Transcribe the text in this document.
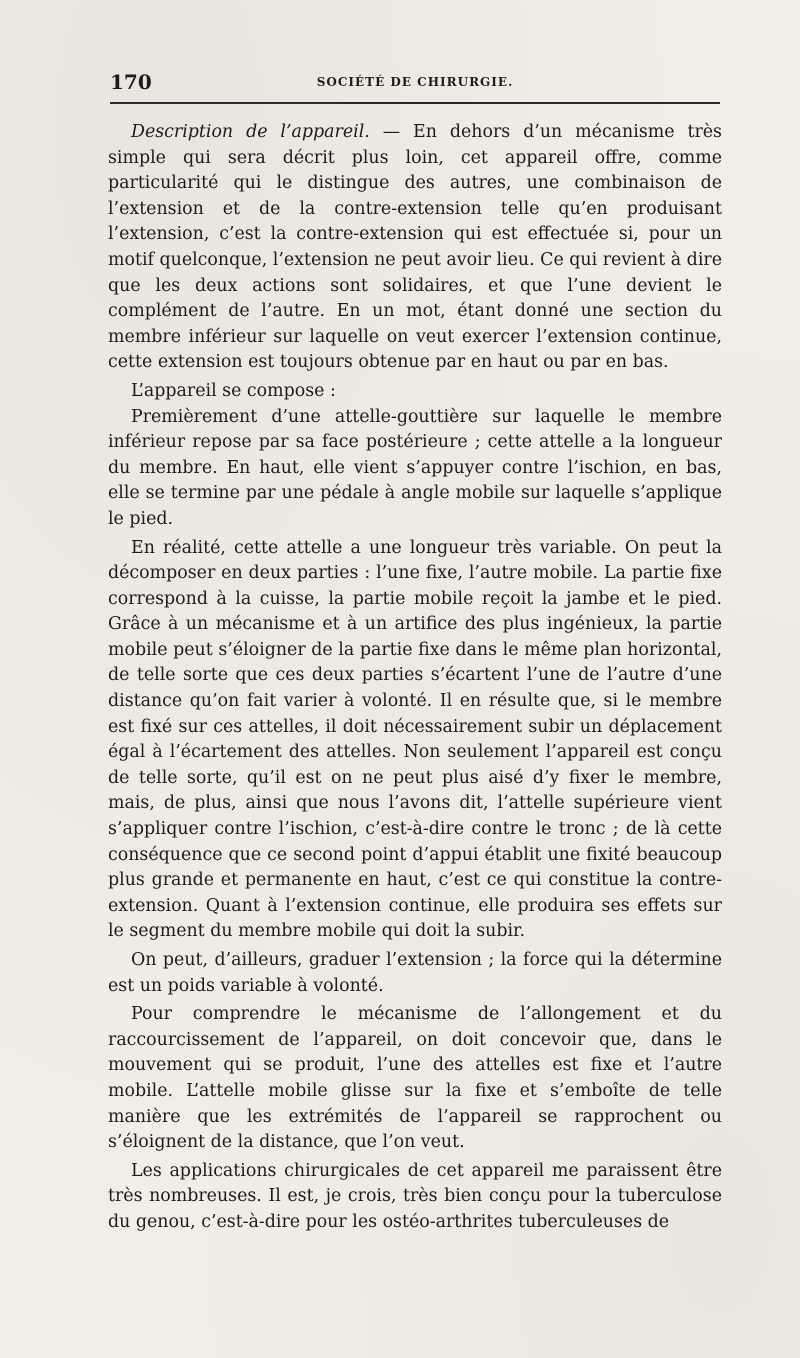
170	SOCIÉTÉ DE CHIRURGIE.

Description de l’appareil. — En dehors d’un mécanisme très simple qui sera décrit plus loin, cet appareil offre, comme particularité qui le distingue des autres, une combinaison de l’extension et de la contre-extension telle qu’en produisant l’extension, c’est la contre-extension qui est effectuée si, pour un motif quelconque, l’extension ne peut avoir lieu. Ce qui revient à dire que les deux actions sont solidaires, et que l’une devient le complément de l’autre. En un mot, étant donné une section du membre inférieur sur laquelle on veut exercer l’extension continue, cette extension est toujours obtenue par en haut ou par en bas.

L’appareil se compose :

Premièrement d’une attelle-gouttière sur laquelle le membre inférieur repose par sa face postérieure ; cette attelle a la longueur du membre. En haut, elle vient s’appuyer contre l’ischion, en bas, elle se termine par une pédale à angle mobile sur laquelle s’applique le pied.

En réalité, cette attelle a une longueur très variable. On peut la décomposer en deux parties : l’une fixe, l’autre mobile. La partie fixe correspond à la cuisse, la partie mobile reçoit la jambe et le pied. Grâce à un mécanisme et à un artifice des plus ingénieux, la partie mobile peut s’éloigner de la partie fixe dans le même plan horizontal, de telle sorte que ces deux parties s’écartent l’une de l’autre d’une distance qu’on fait varier à volonté. Il en résulte que, si le membre est fixé sur ces attelles, il doit nécessairement subir un déplacement égal à l’écartement des attelles. Non seulement l’appareil est conçu de telle sorte, qu’il est on ne peut plus aisé d’y fixer le membre, mais, de plus, ainsi que nous l’avons dit, l’attelle supérieure vient s’appliquer contre l’ischion, c’est-à-dire contre le tronc ; de là cette conséquence que ce second point d’appui établit une fixité beaucoup plus grande et permanente en haut, c’est ce qui constitue la contre-extension. Quant à l’extension continue, elle produira ses effets sur le segment du membre mobile qui doit la subir.

On peut, d’ailleurs, graduer l’extension ; la force qui la détermine est un poids variable à volonté.

Pour comprendre le mécanisme de l’allongement et du raccourcissement de l’appareil, on doit concevoir que, dans le mouvement qui se produit, l’une des attelles est fixe et l’autre mobile. L’attelle mobile glisse sur la fixe et s’emboîte de telle manière que les extrémités de l’appareil se rapprochent ou s’éloignent de la distance, que l’on veut.

Les applications chirurgicales de cet appareil me paraissent être très nombreuses. Il est, je crois, très bien conçu pour la tuberculose du genou, c’est-à-dire pour les ostéo-arthrites tuberculeuses de
